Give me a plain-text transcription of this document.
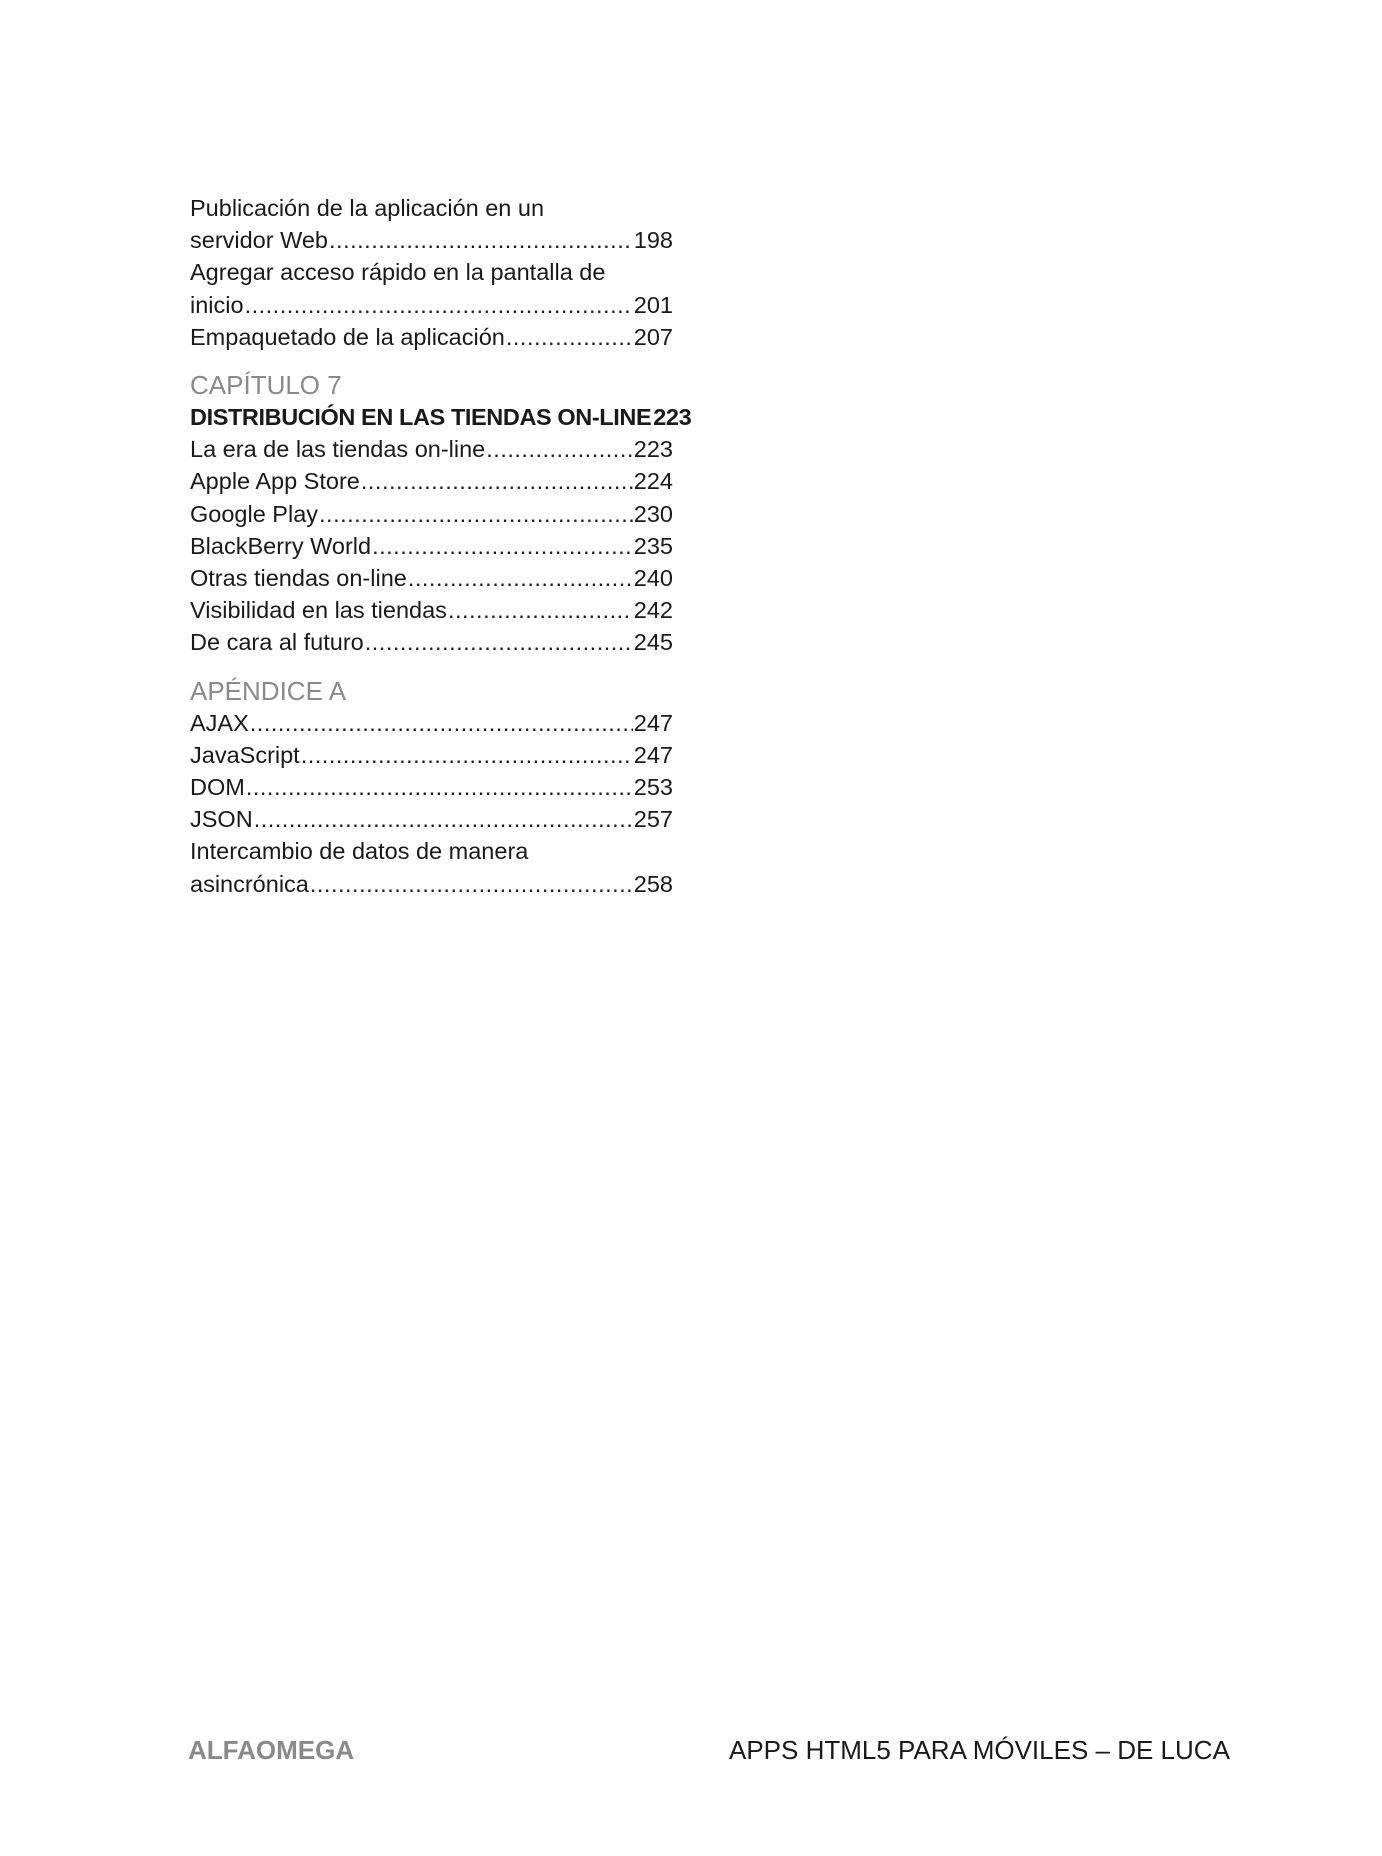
Publicación de la aplicación en un
servidor Web .....	198
Agregar acceso rápido en la pantalla de
inicio .....	201
Empaquetado de la aplicación .....	207
CAPÍTULO 7
DISTRIBUCIÓN EN LAS TIENDAS ON-LINE 223
La era de las tiendas on-line .....	223
Apple App Store .....	224
Google Play .....	230
BlackBerry World .....	235
Otras tiendas on-line .....	240
Visibilidad en las tiendas .....	242
De cara al futuro .....	245
APÉNDICE A
AJAX .....	247
JavaScript .....	247
DOM .....	253
JSON .....	257
Intercambio de datos de manera
asincrónica .....	258
ALFAOMEGA	APPS HTML5 PARA MÓVILES – DE LUCA
